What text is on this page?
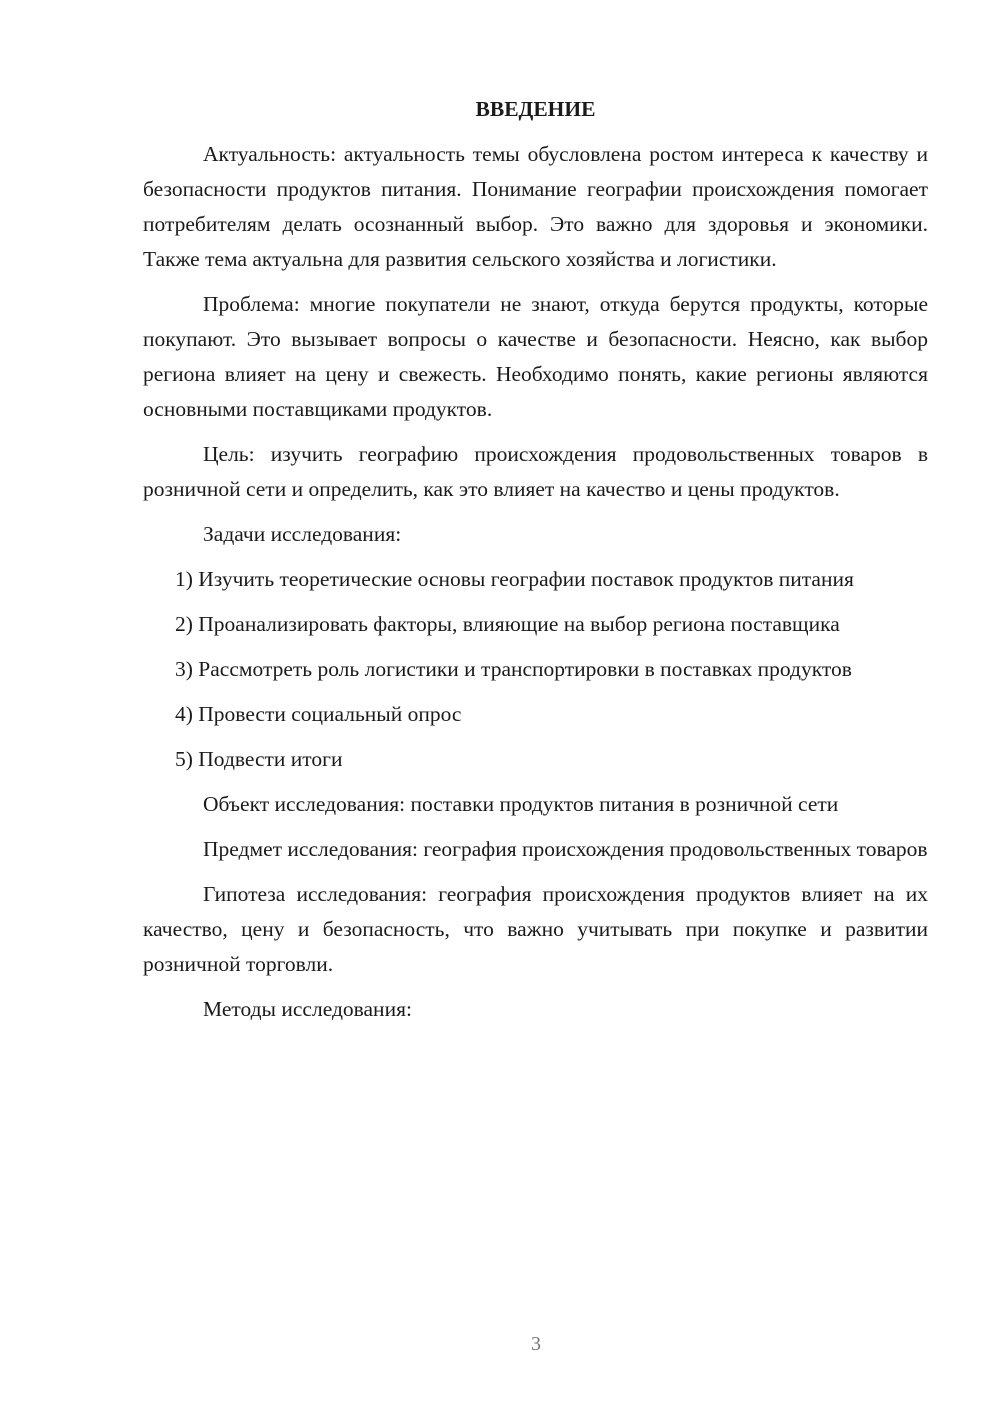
ВВЕДЕНИЕ

Актуальность: актуальность темы обусловлена ростом интереса к качеству и безопасности продуктов питания. Понимание географии происхождения помогает потребителям делать осознанный выбор. Это важно для здоровья и экономики. Также тема актуальна для развития сельского хозяйства и логистики.

Проблема: многие покупатели не знают, откуда берутся продукты, которые покупают. Это вызывает вопросы о качестве и безопасности. Неясно, как выбор региона влияет на цену и свежесть. Необходимо понять, какие регионы являются основными поставщиками продуктов.

Цель: изучить географию происхождения продовольственных товаров в розничной сети и определить, как это влияет на качество и цены продуктов.

Задачи исследования:

1) Изучить теоретические основы географии поставок продуктов питания

2) Проанализировать факторы, влияющие на выбор региона поставщика

3) Рассмотреть роль логистики и транспортировки в поставках продуктов

4) Провести социальный опрос

5) Подвести итоги

Объект исследования: поставки продуктов питания в розничной сети

Предмет исследования: география происхождения продовольственных товаров

Гипотеза исследования: география происхождения продуктов влияет на их качество, цену и безопасность, что важно учитывать при покупке и развитии розничной торговли.

Методы исследования:

3
